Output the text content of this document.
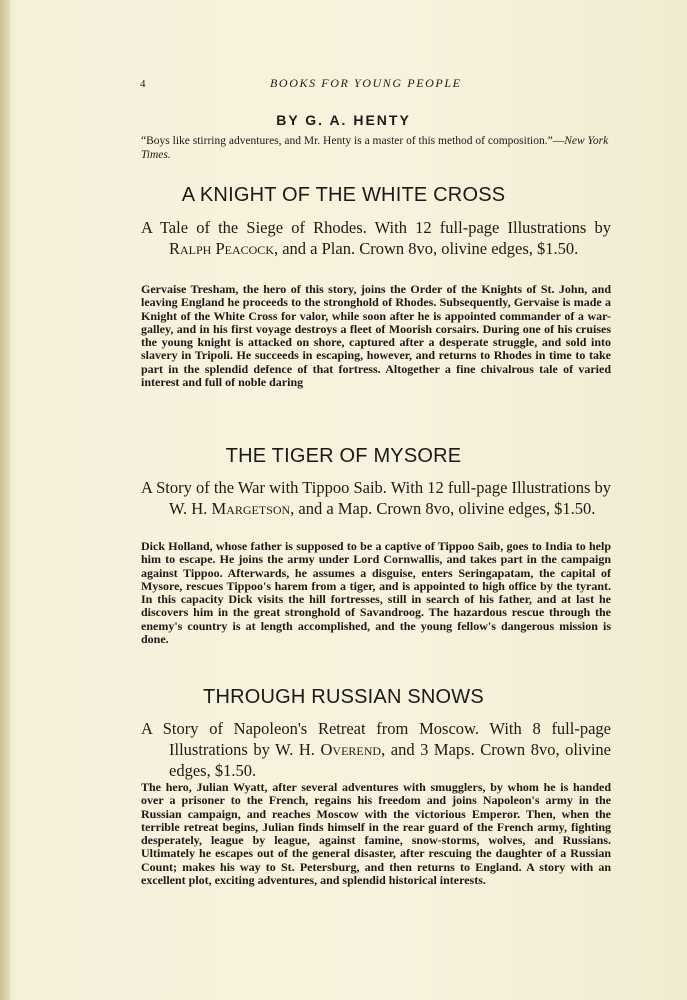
4	BOOKS FOR YOUNG PEOPLE
BY G. A. HENTY
“Boys like stirring adventures, and Mr. Henty is a master of this method of composition.”—New York Times.
A KNIGHT OF THE WHITE CROSS
A Tale of the Siege of Rhodes. With 12 full-page Illustrations by Ralph Peacock, and a Plan. Crown 8vo, olivine edges, $1.50.
Gervaise Tresham, the hero of this story, joins the Order of the Knights of St. John, and leaving England he proceeds to the stronghold of Rhodes. Subsequently, Gervaise is made a Knight of the White Cross for valor, while soon after he is appointed commander of a war-galley, and in his first voyage destroys a fleet of Moorish corsairs. During one of his cruises the young knight is attacked on shore, captured after a desperate struggle, and sold into slavery in Tripoli. He succeeds in escaping, however, and returns to Rhodes in time to take part in the splendid defence of that fortress. Altogether a fine chivalrous tale of varied interest and full of noble daring
THE TIGER OF MYSORE
A Story of the War with Tippoo Saib. With 12 full-page Illustrations by W. H. Margetson, and a Map. Crown 8vo, olivine edges, $1.50.
Dick Holland, whose father is supposed to be a captive of Tippoo Saib, goes to India to help him to escape. He joins the army under Lord Cornwallis, and takes part in the campaign against Tippoo. Afterwards, he assumes a disguise, enters Seringapatam, the capital of Mysore, rescues Tippoo's harem from a tiger, and is appointed to high office by the tyrant. In this capacity Dick visits the hill fortresses, still in search of his father, and at last he discovers him in the great stronghold of Savandroog. The hazardous rescue through the enemy's country is at length accomplished, and the young fellow's dangerous mission is done.
THROUGH RUSSIAN SNOWS
A Story of Napoleon's Retreat from Moscow. With 8 full-page Illustrations by W. H. Overend, and 3 Maps. Crown 8vo, olivine edges, $1.50.
The hero, Julian Wyatt, after several adventures with smugglers, by whom he is handed over a prisoner to the French, regains his freedom and joins Napoleon's army in the Russian campaign, and reaches Moscow with the victorious Emperor. Then, when the terrible retreat begins, Julian finds himself in the rear guard of the French army, fighting desperately, league by league, against famine, snow-storms, wolves, and Russians. Ultimately he escapes out of the general disaster, after rescuing the daughter of a Russian Count; makes his way to St. Petersburg, and then returns to England. A story with an excellent plot, exciting adventures, and splendid historical interests.
